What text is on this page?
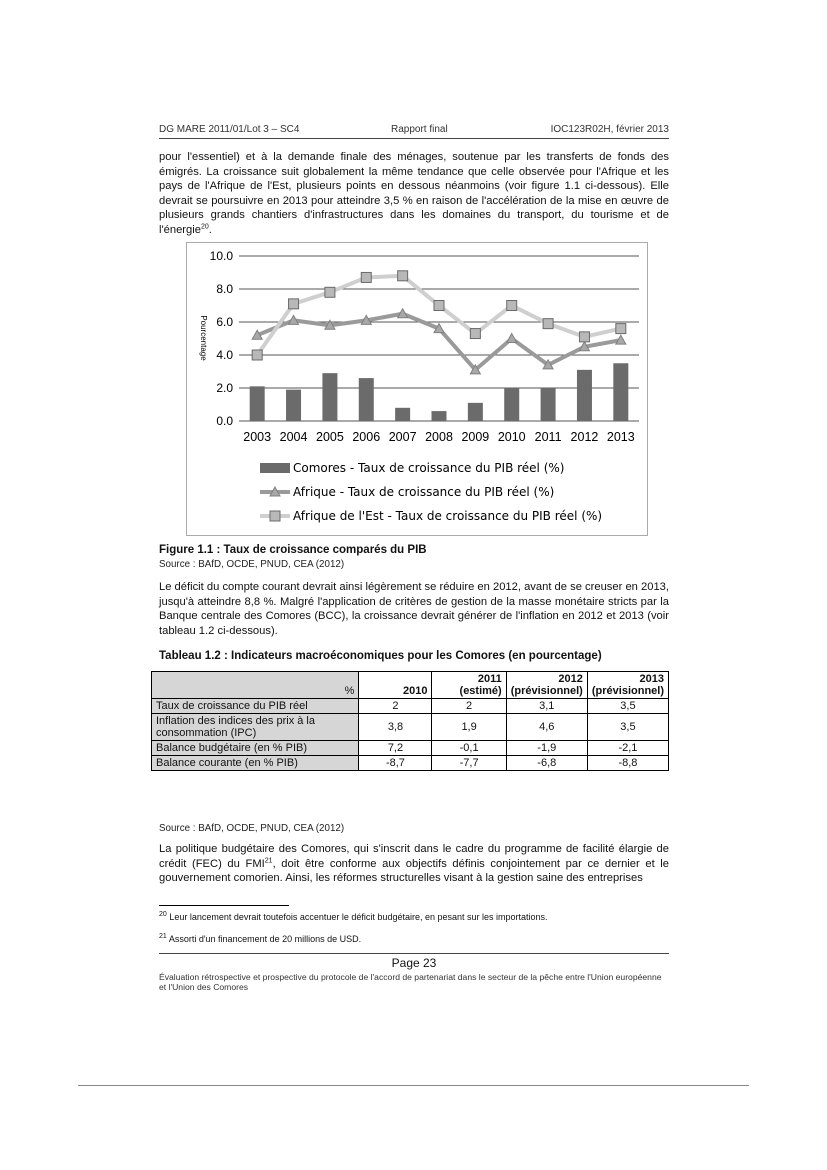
DG MARE 2011/01/Lot 3 – SC4	Rapport final	IOC123R02H, février 2013

pour l'essentiel) et à la demande finale des ménages, soutenue par les transferts de fonds des émigrés. La croissance suit globalement la même tendance que celle observée pour l'Afrique et les pays de l'Afrique de l'Est, plusieurs points en dessous néanmoins (voir figure 1.1 ci-dessous). Elle devrait se poursuivre en 2013 pour atteindre 3,5 % en raison de l'accélération de la mise en œuvre de plusieurs grands chantiers d'infrastructures dans les domaines du transport, du tourisme et de l'énergie$^{20}$.

0.0
2.0
4.0
6.0
8.0
10.0
Pourcentage
2003 2004 2005 2006 2007 2008 2009 2010 2011 2012 2013
Comores - Taux de croissance du PIB réel (%)
Afrique - Taux de croissance du PIB réel (%)
Afrique de l'Est - Taux de croissance du PIB réel (%)
Figure 1.1 : Taux de croissance comparés du PIB
Source : BAfD, OCDE, PNUD, CEA (2012)

Le déficit du compte courant devrait ainsi légèrement se réduire en 2012, avant de se creuser en 2013, jusqu'à atteindre 8,8 %. Malgré l'application de critères de gestion de la masse monétaire stricts par la Banque centrale des Comores (BCC), la croissance devrait générer de l'inflation en 2012 et 2013 (voir tableau 1.2 ci-dessous).

Tableau 1.2 : Indicateurs macroéconomiques pour les Comores (en pourcentage)
%	2010	2011 (estimé)	2012 (prévisionnel)	2013 (prévisionnel)
Taux de croissance du PIB réel	2	2	3,1	3,5
Inflation des indices des prix à la consommation (IPC)	3,8	1,9	4,6	3,5
Balance budgétaire (en % PIB)	7,2	-0,1	-1,9	-2,1
Balance courante (en % PIB)	-8,7	-7,7	-6,8	-8,8
Source : BAfD, OCDE, PNUD, CEA (2012)

La politique budgétaire des Comores, qui s'inscrit dans le cadre du programme de facilité élargie de crédit (FEC) du FMI$^{21}$, doit être conforme aux objectifs définis conjointement par ce dernier et le gouvernement comorien. Ainsi, les réformes structurelles visant à la gestion saine des entreprises

$^{20}$ Leur lancement devrait toutefois accentuer le déficit budgétaire, en pesant sur les importations.
$^{21}$ Assorti d'un financement de 20 millions de USD.
Page 23
Évaluation rétrospective et prospective du protocole de l'accord de partenariat dans le secteur de la pêche entre l'Union européenne et l'Union des Comores
